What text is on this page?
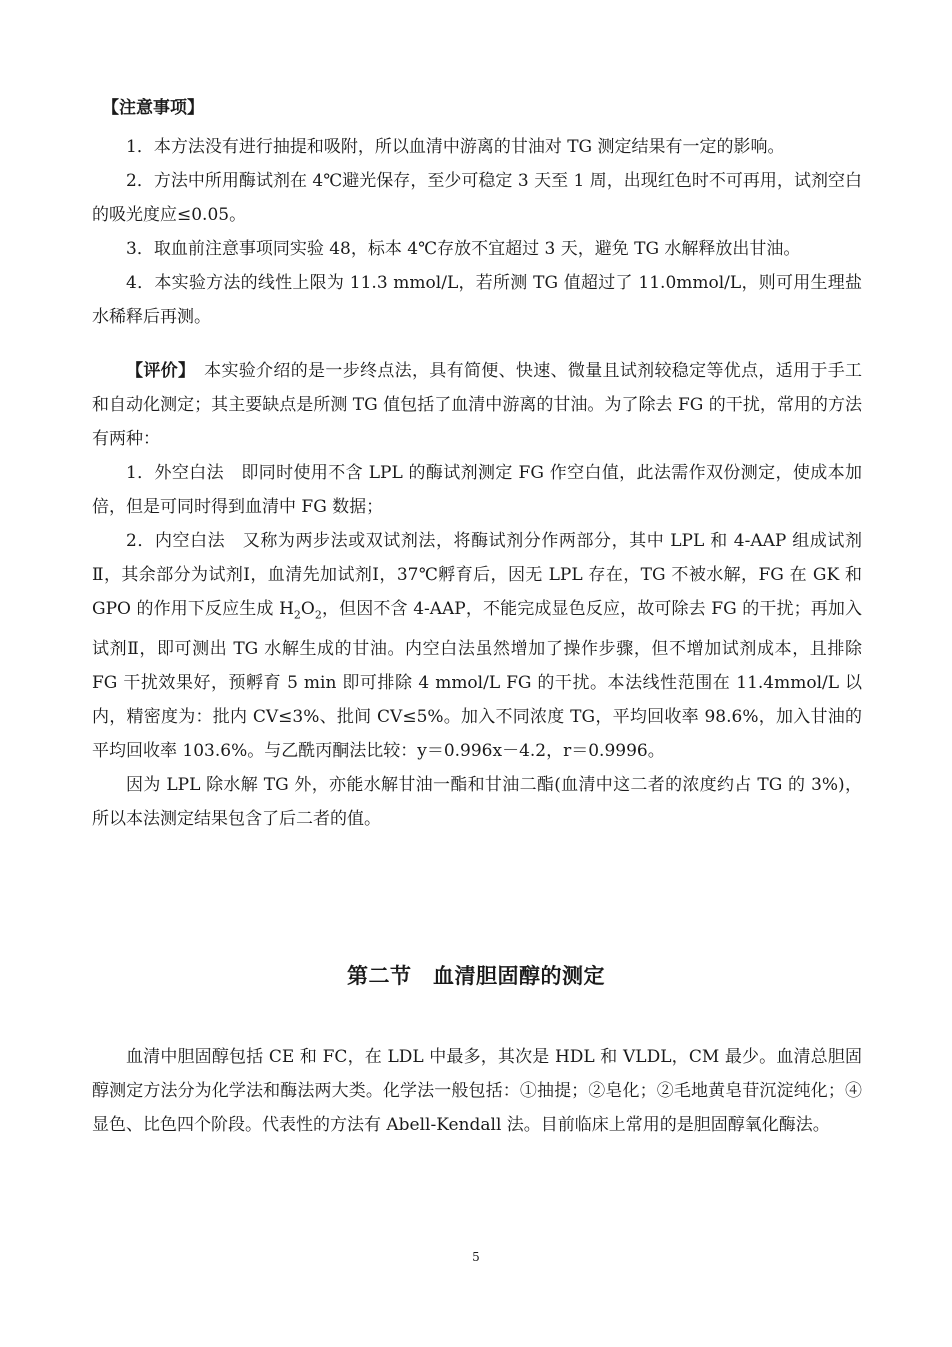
【注意事项】

1．本方法没有进行抽提和吸附，所以血清中游离的甘油对 TG 测定结果有一定的影响。

2．方法中所用酶试剂在 4℃避光保存，至少可稳定 3 天至 1 周，出现红色时不可再用，试剂空白的吸光度应≤0.05。

3．取血前注意事项同实验 48，标本 4℃存放不宜超过 3 天，避免 TG 水解释放出甘油。

4．本实验方法的线性上限为 11.3 mmol/L，若所测 TG 值超过了 11.0mmol/L，则可用生理盐水稀释后再测。

【评价】　 本实验介绍的是一步终点法，具有简便、快速、微量且试剂较稳定等优点，适用于手工和自动化测定；其主要缺点是所测 TG 值包括了血清中游离的甘油。为了除去 FG 的干扰，常用的方法有两种：

1．外空白法　即同时使用不含 LPL 的酶试剂测定 FG 作空白值，此法需作双份测定，使成本加倍，但是可同时得到血清中 FG 数据；

2．内空白法　又称为两步法或双试剂法，将酶试剂分作两部分，其中 LPL 和 4-AAP 组成试剂Ⅱ，其余部分为试剂Ⅰ，血清先加试剂Ⅰ，37℃孵育后，因无 LPL 存在，TG 不被水解，FG 在 GK 和GPO 的作用下反应生成 $H_2O_2$，但因不含 4-AAP，不能完成显色反应，故可除去 FG 的干扰；再加入试剂Ⅱ，即可测出 TG 水解生成的甘油。内空白法虽然增加了操作步骤，但不增加试剂成本，且排除 FG 干扰效果好，预孵育 5 min 即可排除 4 mmol/L FG 的干扰。本法线性范围在 11.4mmol/L 以内，精密度为：批内 CV≤3%、批间 CV≤5%。加入不同浓度 TG，平均回收率 98.6%，加入甘油的平均回收率 103.6%。与乙酰丙酮法比较：y＝0.996x－4.2，r＝0.9996。

因为 LPL 除水解 TG 外，亦能水解甘油一酯和甘油二酯(血清中这二者的浓度约占 TG 的 3%)，所以本法测定结果包含了后二者的值。

第二节　血清胆固醇的测定

血清中胆固醇包括 CE 和 FC，在 LDL 中最多，其次是 HDL 和 VLDL，CM 最少。血清总胆固醇测定方法分为化学法和酶法两大类。化学法一般包括：①抽提；②皂化；②毛地黄皂苷沉淀纯化；④显色、比色四个阶段。代表性的方法有 Abell-Kendall 法。目前临床上常用的是胆固醇氧化酶法。

5
